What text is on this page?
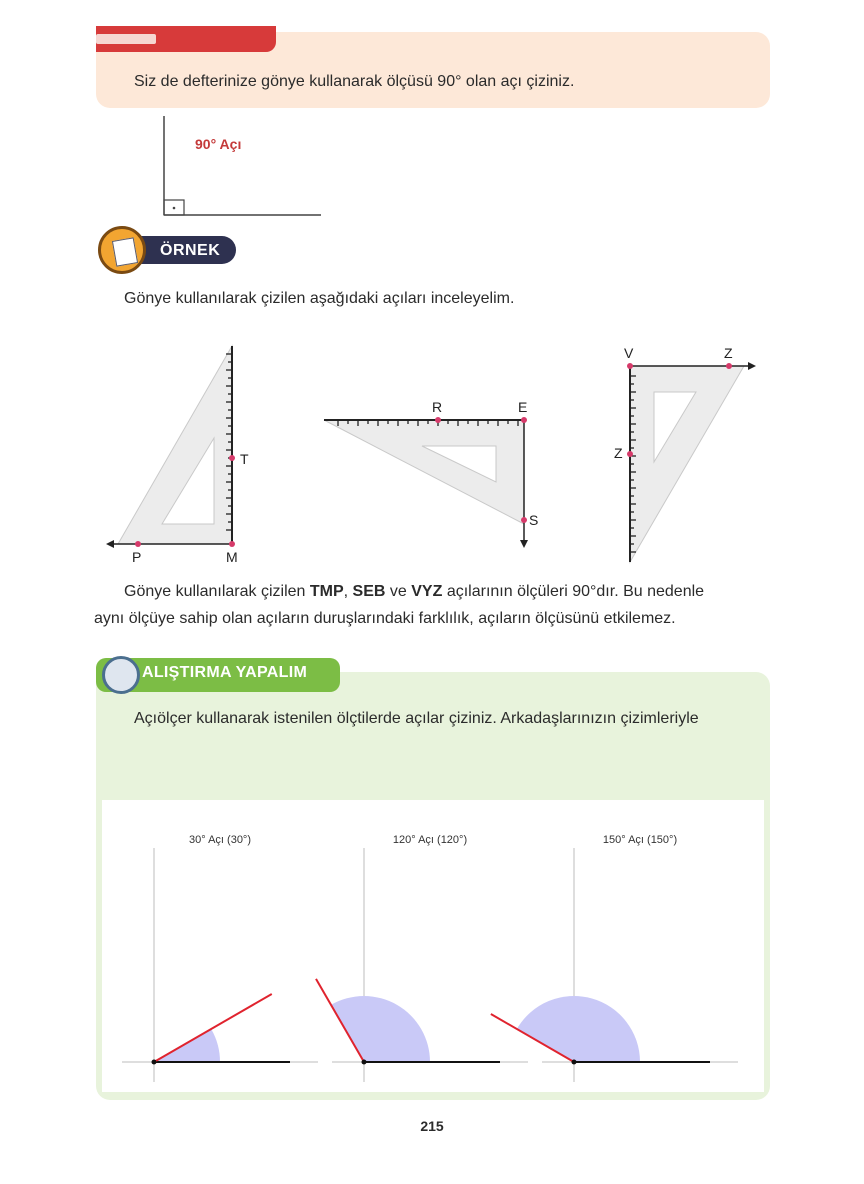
Siz de defterinize gönye kullanarak ölçüsü 90° olan açı çiziniz.
90° Açı
ÖRNEK
Gönye kullanılarak çizilen aşağıdaki açıları inceleyelim.
T
P	M
R	E
S
V	Z
Z
Gönye kullanılarak çizilen TMP, SEB ve VYZ açılarının ölçüleri 90°dır. Bu nedenle
aynı ölçüye sahip olan açıların duruşlarındaki farklılık, açıların ölçüsünü etkilemez.
ALIŞTIRMA YAPALIM
Açıölçer kullanarak istenilen ölçtilerde açılar çiziniz. Arkadaşlarınızın çizimleriyle
30° Açı (30°)	120° Açı (120°)	150° Açı (150°)
215
